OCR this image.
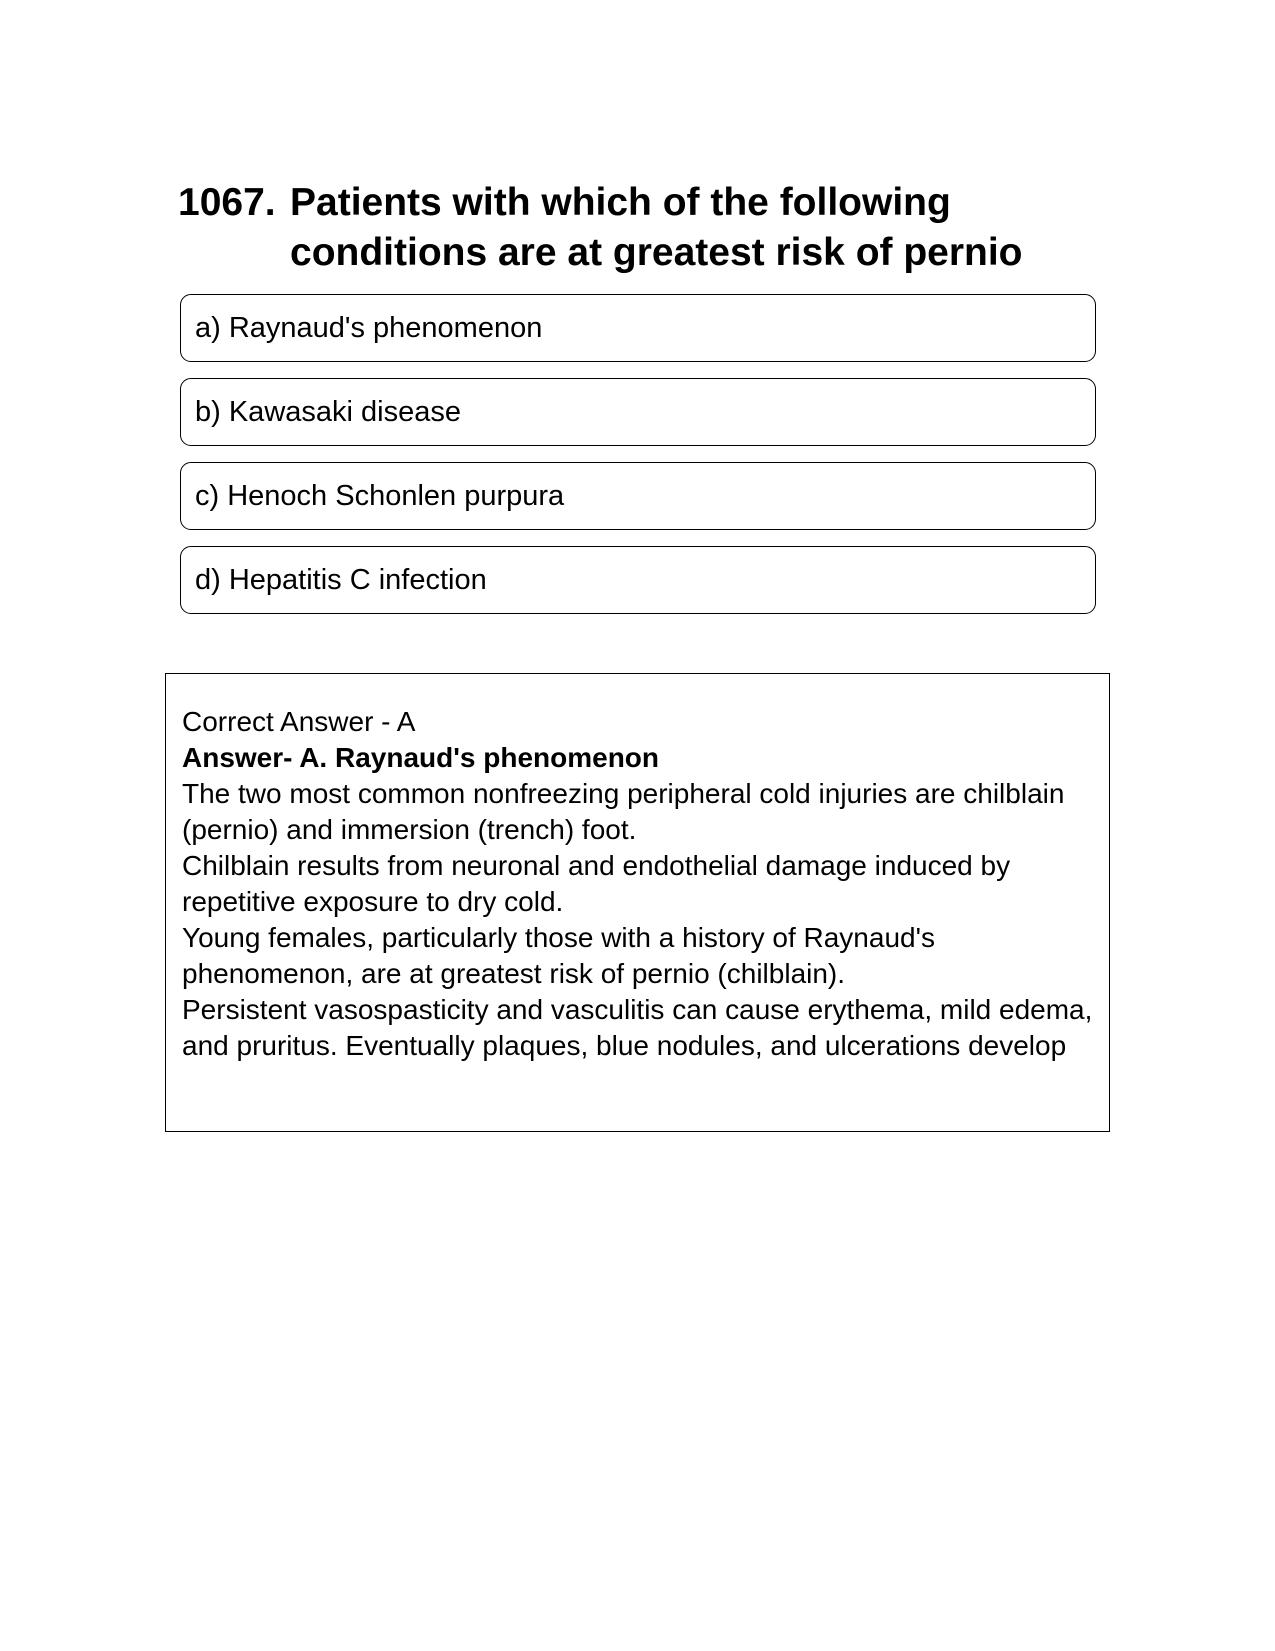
1067. Patients with which of the following conditions are at greatest risk of pernio
a) Raynaud's phenomenon
b) Kawasaki disease
c) Henoch Schonlen purpura
d) Hepatitis C infection

Correct Answer - A

Answer- A. Raynaud's phenomenon

The two most common nonfreezing peripheral cold injuries are chilblain (pernio) and immersion (trench) foot.

Chilblain results from neuronal and endothelial damage induced by repetitive exposure to dry cold.

Young females, particularly those with a history of Raynaud's phenomenon, are at greatest risk of pernio (chilblain).

Persistent vasospasticity and vasculitis can cause erythema, mild edema, and pruritus. Eventually plaques, blue nodules, and ulcerations develop
